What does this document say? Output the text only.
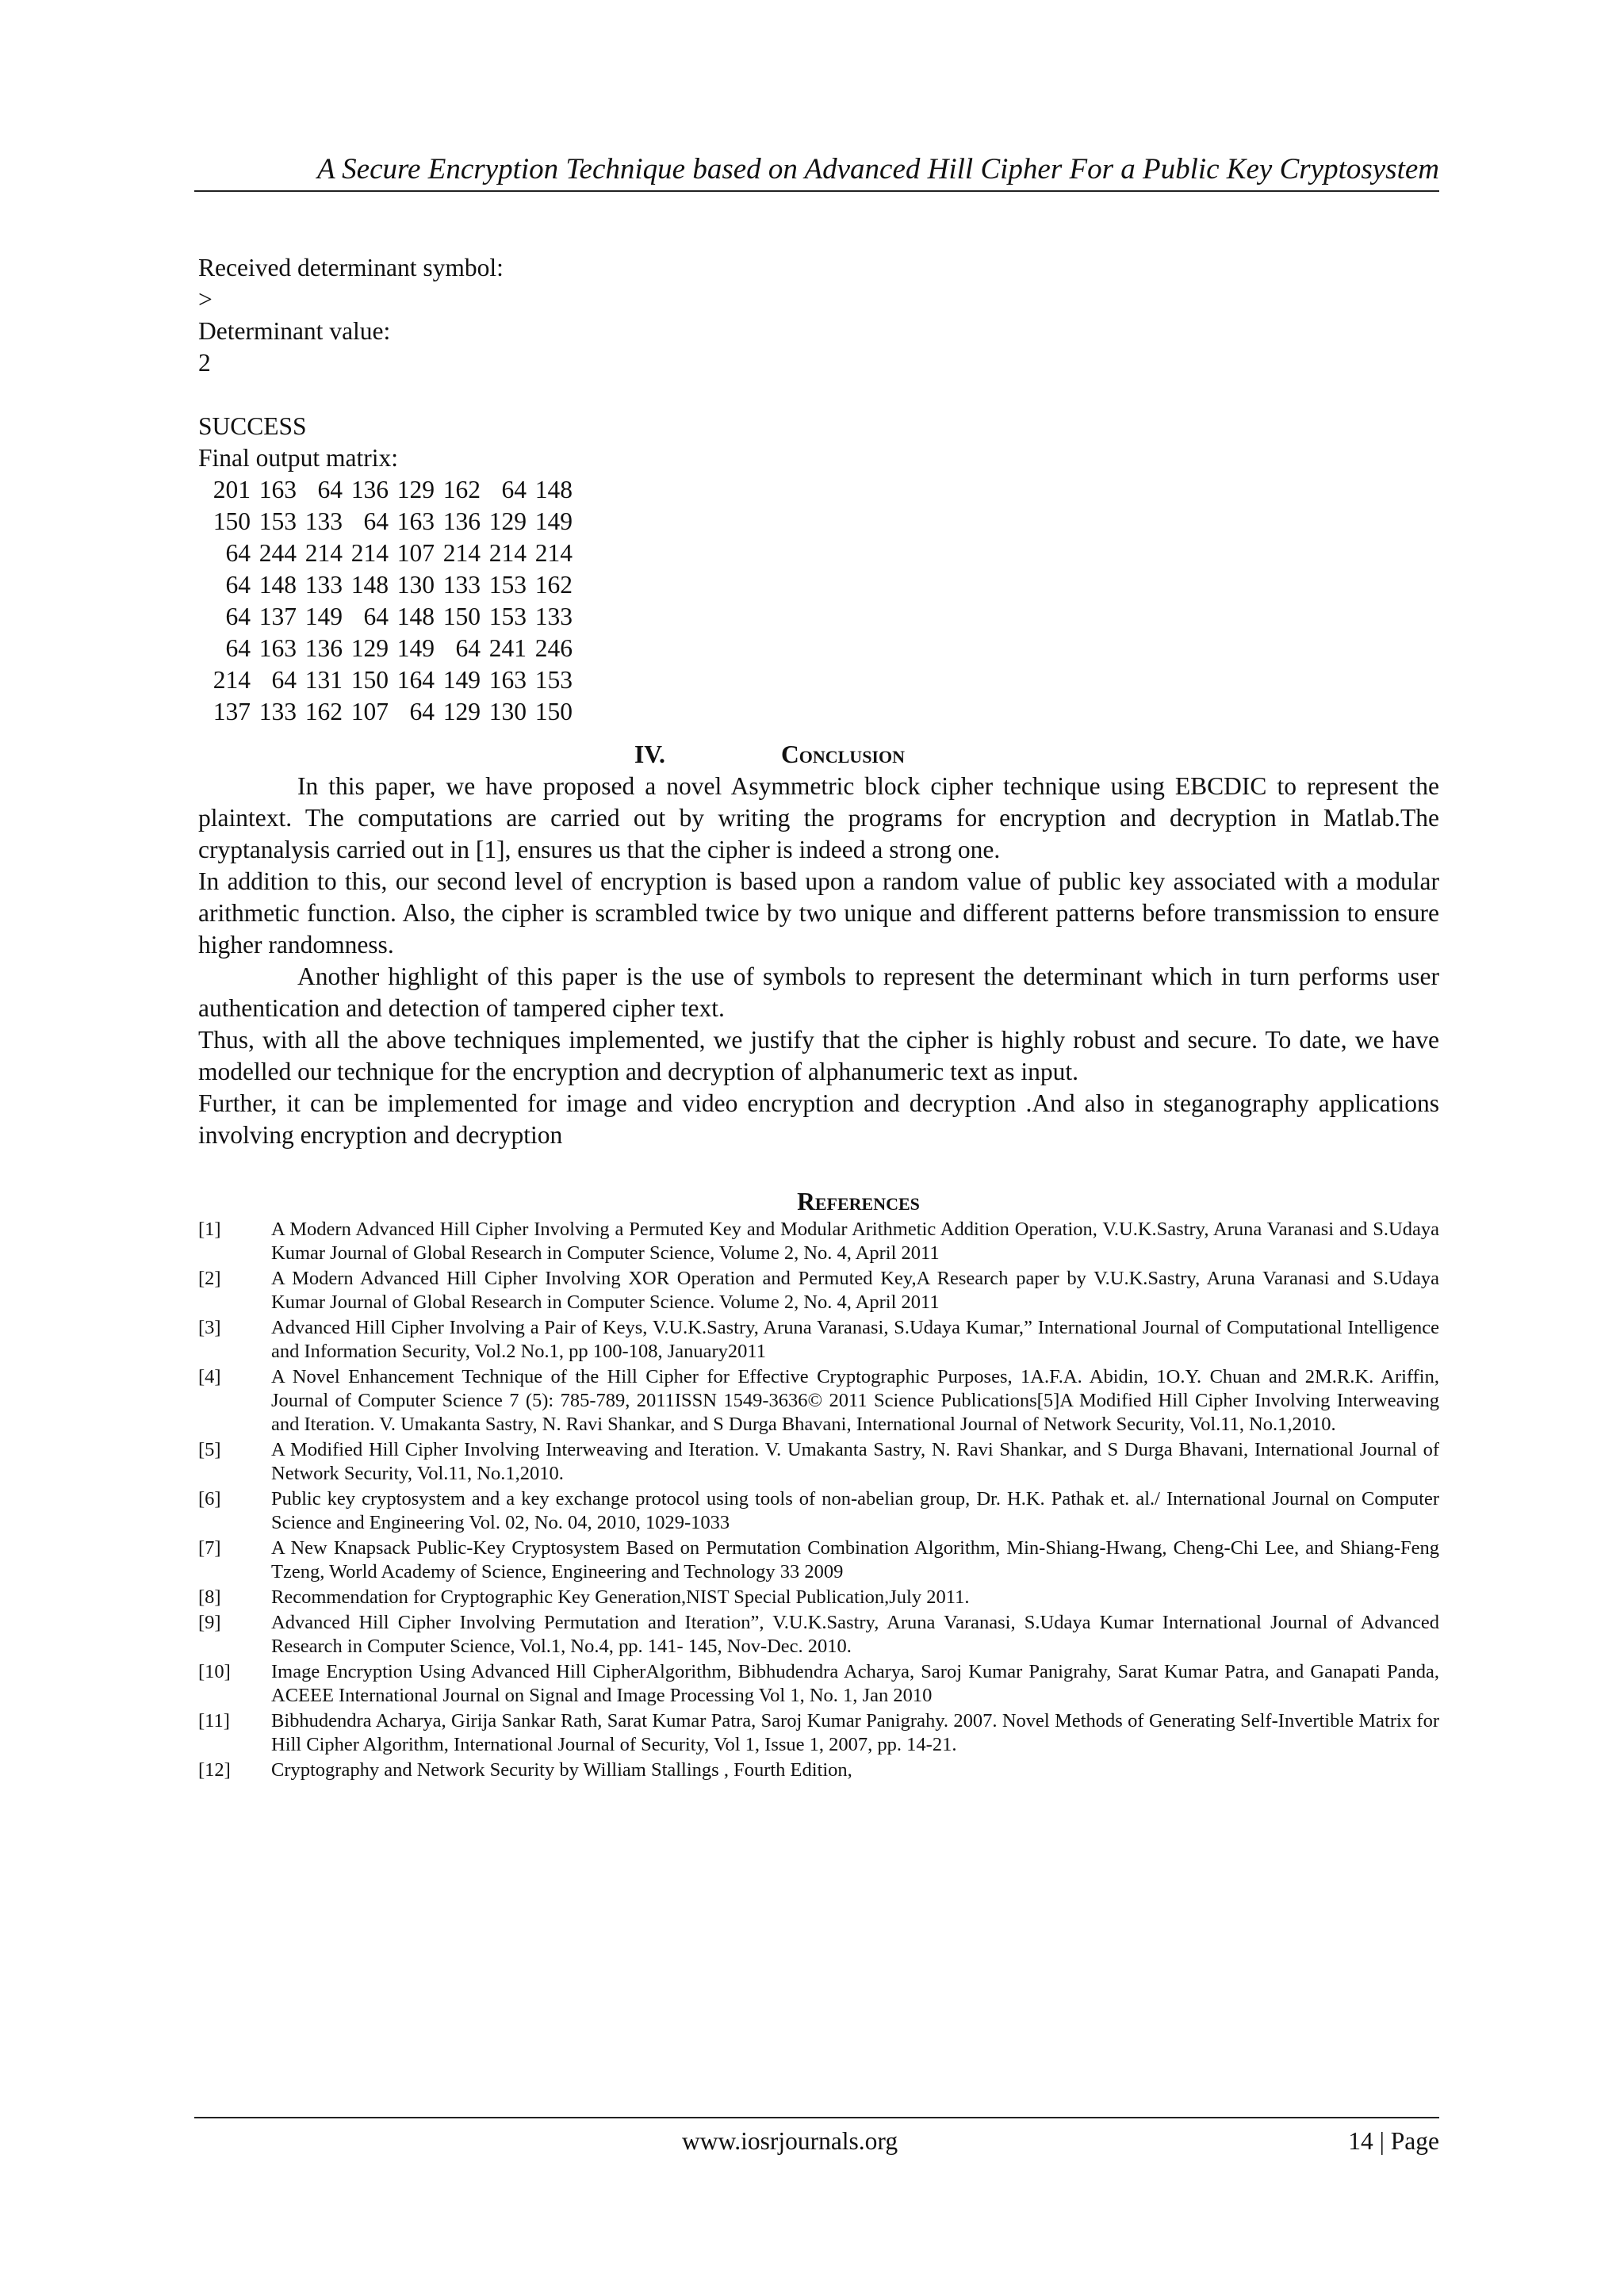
A Secure Encryption Technique based on Advanced Hill Cipher For a Public Key Cryptosystem
Received determinant symbol:
>
Determinant value:
2
SUCCESS
Final output matrix:
201	163	64	136	129	162	64	148
150	153	133	64	163	136	129	149
64	244	214	214	107	214	214	214
64	148	133	148	130	133	153	162
64	137	149	64	148	150	153	133
64	163	136	129	149	64	241	246
214	64	131	150	164	149	163	153
137	133	162	107	64	129	130	150
IV.	Conclusion

In this paper, we have proposed a novel Asymmetric block cipher technique using EBCDIC to represent the plaintext. The computations are carried out by writing the programs for encryption and decryption in Matlab.The cryptanalysis carried out in [1], ensures us that the cipher is indeed a strong one.

In addition to this, our second level of encryption is based upon a random value of public key associated with a modular arithmetic function. Also, the cipher is scrambled twice by two unique and different patterns before transmission to ensure higher randomness.

Another highlight of this paper is the use of symbols to represent the determinant which in turn performs user authentication and detection of tampered cipher text.

Thus, with all the above techniques implemented, we justify that the cipher is highly robust and secure. To date, we have modelled our technique for the encryption and decryption of alphanumeric text as input.

Further, it can be implemented for image and video encryption and decryption .And also in steganography applications involving encryption and decryption

References
[1]	A Modern Advanced Hill Cipher Involving a Permuted Key and Modular Arithmetic Addition Operation, V.U.K.Sastry, Aruna Varanasi and S.Udaya Kumar Journal of Global Research in Computer Science, Volume 2, No. 4, April 2011
[2]	A Modern Advanced Hill Cipher Involving XOR Operation and Permuted Key,A Research paper by V.U.K.Sastry, Aruna Varanasi and S.Udaya Kumar Journal of Global Research in Computer Science. Volume 2, No. 4, April 2011
[3]	Advanced Hill Cipher Involving a Pair of Keys, V.U.K.Sastry, Aruna Varanasi, S.Udaya Kumar,” International Journal of Computational Intelligence and Information Security, Vol.2 No.1, pp 100-108, January2011
[4]	A Novel Enhancement Technique of the Hill Cipher for Effective Cryptographic Purposes, 1A.F.A. Abidin, 1O.Y. Chuan and 2M.R.K. Ariffin, Journal of Computer Science 7 (5): 785-789, 2011ISSN 1549-3636© 2011 Science Publications[5]A Modified Hill Cipher Involving Interweaving and Iteration. V. Umakanta Sastry, N. Ravi Shankar, and S Durga Bhavani, International Journal of Network Security, Vol.11, No.1,2010.
[5]	A Modified Hill Cipher Involving Interweaving and Iteration. V. Umakanta Sastry, N. Ravi Shankar, and S Durga Bhavani, International Journal of Network Security, Vol.11, No.1,2010.
[6]	Public key cryptosystem and a key exchange protocol using tools of non-abelian group, Dr. H.K. Pathak et. al./ International Journal on Computer Science and Engineering Vol. 02, No. 04, 2010, 1029-1033
[7]	A New Knapsack Public-Key Cryptosystem Based on Permutation Combination Algorithm, Min-Shiang-Hwang, Cheng-Chi Lee, and Shiang-Feng Tzeng, World Academy of Science, Engineering and Technology 33 2009
[8]	Recommendation for Cryptographic Key Generation,NIST Special Publication,July 2011.
[9]	Advanced Hill Cipher Involving Permutation and Iteration”, V.U.K.Sastry, Aruna Varanasi, S.Udaya Kumar International Journal of Advanced Research in Computer Science, Vol.1, No.4, pp. 141- 145, Nov-Dec. 2010.
[10]	Image Encryption Using Advanced Hill CipherAlgorithm, Bibhudendra Acharya, Saroj Kumar Panigrahy, Sarat Kumar Patra, and Ganapati Panda, ACEEE International Journal on Signal and Image Processing Vol 1, No. 1, Jan 2010
[11]	Bibhudendra Acharya, Girija Sankar Rath, Sarat Kumar Patra, Saroj Kumar Panigrahy. 2007. Novel Methods of Generating Self-Invertible Matrix for Hill Cipher Algorithm, International Journal of Security, Vol 1, Issue 1, 2007, pp. 14-21.
[12]	Cryptography and Network Security by William Stallings , Fourth Edition,
www.iosrjournals.org	14 | Page
